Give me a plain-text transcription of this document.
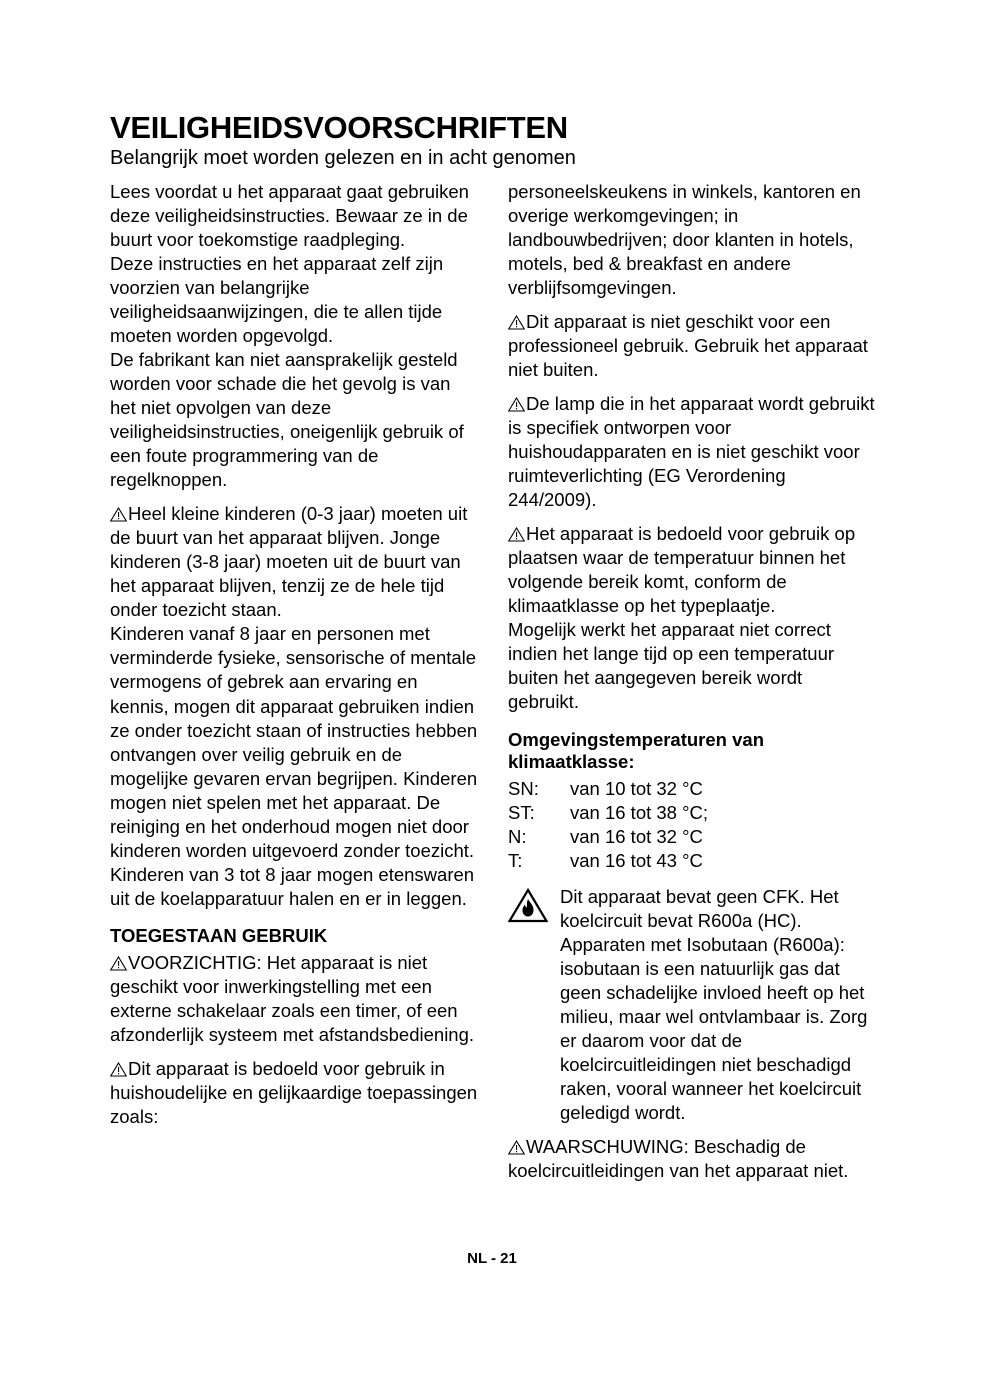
VEILIGHEIDSVOORSCHRIFTEN
Belangrijk moet worden gelezen en in acht genomen

Lees voordat u het apparaat gaat gebruiken deze veiligheidsinstructies. Bewaar ze in de buurt voor toekomstige raadpleging.

Deze instructies en het apparaat zelf zijn voorzien van belangrijke veiligheidsaanwijzingen, die te allen tijde moeten worden opgevolgd.

De fabrikant kan niet aansprakelijk gesteld worden voor schade die het gevolg is van het niet opvolgen van deze veiligheidsinstructies, oneigenlijk gebruik of een foute programmering van de regelknoppen.

Heel kleine kinderen (0-3 jaar) moeten uit de buurt van het apparaat blijven. Jonge kinderen (3-8 jaar) moeten uit de buurt van het apparaat blijven, tenzij ze de hele tijd onder toezicht staan.

Kinderen vanaf 8 jaar en personen met verminderde fysieke, sensorische of mentale vermogens of gebrek aan ervaring en kennis, mogen dit apparaat gebruiken indien ze onder toezicht staan of instructies hebben ontvangen over veilig gebruik en de mogelijke gevaren ervan begrijpen. Kinderen mogen niet spelen met het apparaat. De reiniging en het onderhoud mogen niet door kinderen worden uitgevoerd zonder toezicht. Kinderen van 3 tot 8 jaar mogen etenswaren uit de koelapparatuur halen en er in leggen.

TOEGESTAAN GEBRUIK

VOORZICHTIG: Het apparaat is niet geschikt voor inwerkingstelling met een externe schakelaar zoals een timer, of een afzonderlijk systeem met afstandsbediening.

Dit apparaat is bedoeld voor gebruik in huishoudelijke en gelijkaardige toepassingen zoals:

personeelskeukens in winkels, kantoren en overige werkomgevingen; in landbouwbedrijven; door klanten in hotels, motels, bed & breakfast en andere verblijfsomgevingen.

Dit apparaat is niet geschikt voor een professioneel gebruik. Gebruik het apparaat niet buiten.

De lamp die in het apparaat wordt gebruikt is specifiek ontworpen voor huishoudapparaten en is niet geschikt voor ruimteverlichting (EG Verordening 244/2009).

Het apparaat is bedoeld voor gebruik op plaatsen waar de temperatuur binnen het volgende bereik komt, conform de klimaatklasse op het typeplaatje.

Mogelijk werkt het apparaat niet correct indien het lange tijd op een temperatuur buiten het aangegeven bereik wordt gebruikt.

Omgevingstemperaturen van klimaatklasse:
SN:	van 10 tot 32 °C
ST:	van 16 tot 38 °C;
N:	van 16 tot 32 °C
T:	van 16 tot 43 °C
Dit apparaat bevat geen CFK. Het koelcircuit bevat R600a (HC). Apparaten met Isobutaan (R600a): isobutaan is een natuurlijk gas dat geen schadelijke invloed heeft op het milieu, maar wel ontvlambaar is. Zorg er daarom voor dat de koelcircuitleidingen niet beschadigd raken, vooral wanneer het koelcircuit geledigd wordt.

WAARSCHUWING: Beschadig de koelcircuitleidingen van het apparaat niet.

NL - 21
